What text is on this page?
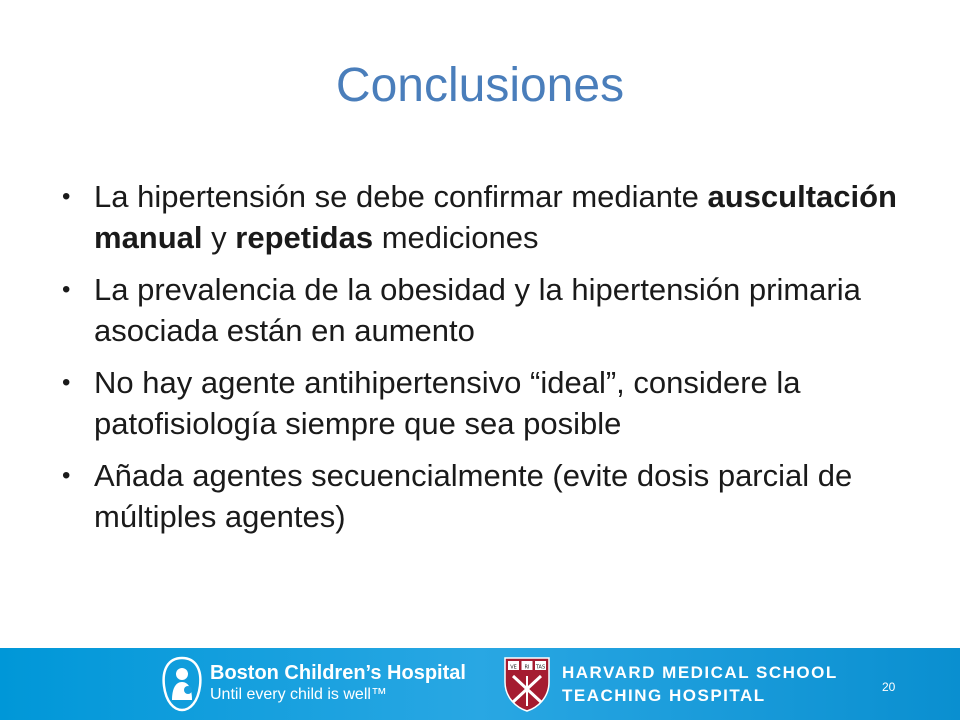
Conclusiones
• La hipertensión se debe confirmar mediante auscultación manual y repetidas mediciones
• La prevalencia de la obesidad y la hipertensión primaria asociada están en aumento
• No hay agente antihipertensivo “ideal”, considere la patofisiología siempre que sea posible
• Añada agentes secuencialmente (evite dosis parcial de múltiples agentes)
Boston Children’s Hospital
Until every child is well™
VE RI TAS HARVARD MEDICAL SCHOOL
TEACHING HOSPITAL	20
